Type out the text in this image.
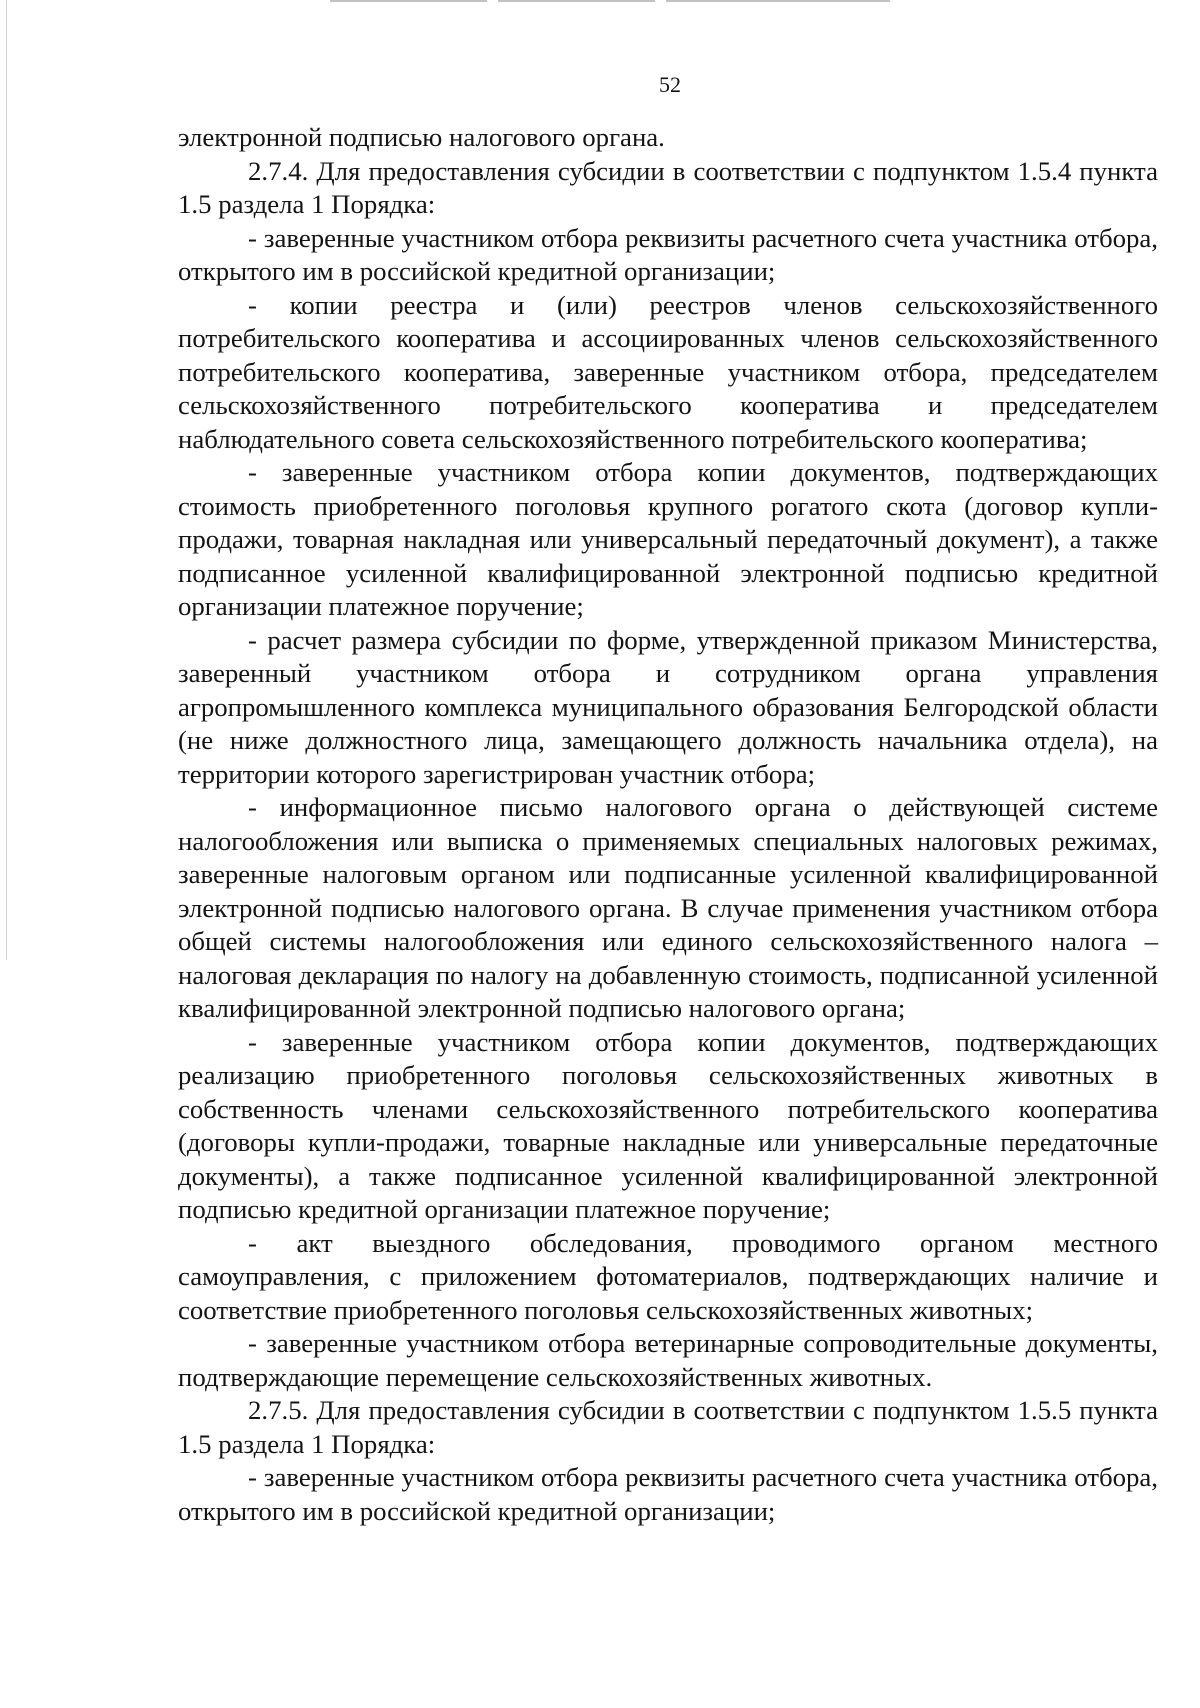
52

электронной подписью налогового органа.

2.7.4. Для предоставления субсидии в соответствии с подпунктом 1.5.4 пункта 1.5 раздела 1 Порядка:

- заверенные участником отбора реквизиты расчетного счета участника отбора, открытого им в российской кредитной организации;

- копии реестра и (или) реестров членов сельскохозяйственного потребительского кооператива и ассоциированных членов сельскохозяйственного потребительского кооператива, заверенные участником отбора, председателем сельскохозяйственного потребительского кооператива и председателем наблюдательного совета сельскохозяйственного потребительского кооператива;

- заверенные участником отбора копии документов, подтверждающих стоимость приобретенного поголовья крупного рогатого скота (договор купли-продажи, товарная накладная или универсальный передаточный документ), а также подписанное усиленной квалифицированной электронной подписью кредитной организации платежное поручение;

- расчет размера субсидии по форме, утвержденной приказом Министерства, заверенный участником отбора и сотрудником органа управления агропромышленного комплекса муниципального образования Белгородской области (не ниже должностного лица, замещающего должность начальника отдела), на территории которого зарегистрирован участник отбора;

- информационное письмо налогового органа о действующей системе налогообложения или выписка о применяемых специальных налоговых режимах, заверенные налоговым органом или подписанные усиленной квалифицированной электронной подписью налогового органа. В случае применения участником отбора общей системы налогообложения или единого сельскохозяйственного налога – налоговая декларация по налогу на добавленную стоимость, подписанной усиленной квалифицированной электронной подписью налогового органа;

- заверенные участником отбора копии документов, подтверждающих реализацию приобретенного поголовья сельскохозяйственных животных в собственность членами сельскохозяйственного потребительского кооператива (договоры купли-продажи, товарные накладные или универсальные передаточные документы), а также подписанное усиленной квалифицированной электронной подписью кредитной организации платежное поручение;

- акт выездного обследования, проводимого органом местного самоуправления, с приложением фотоматериалов, подтверждающих наличие и соответствие приобретенного поголовья сельскохозяйственных животных;

- заверенные участником отбора ветеринарные сопроводительные документы, подтверждающие перемещение сельскохозяйственных животных.

2.7.5. Для предоставления субсидии в соответствии с подпунктом 1.5.5 пункта 1.5 раздела 1 Порядка:

- заверенные участником отбора реквизиты расчетного счета участника отбора, открытого им в российской кредитной организации;
